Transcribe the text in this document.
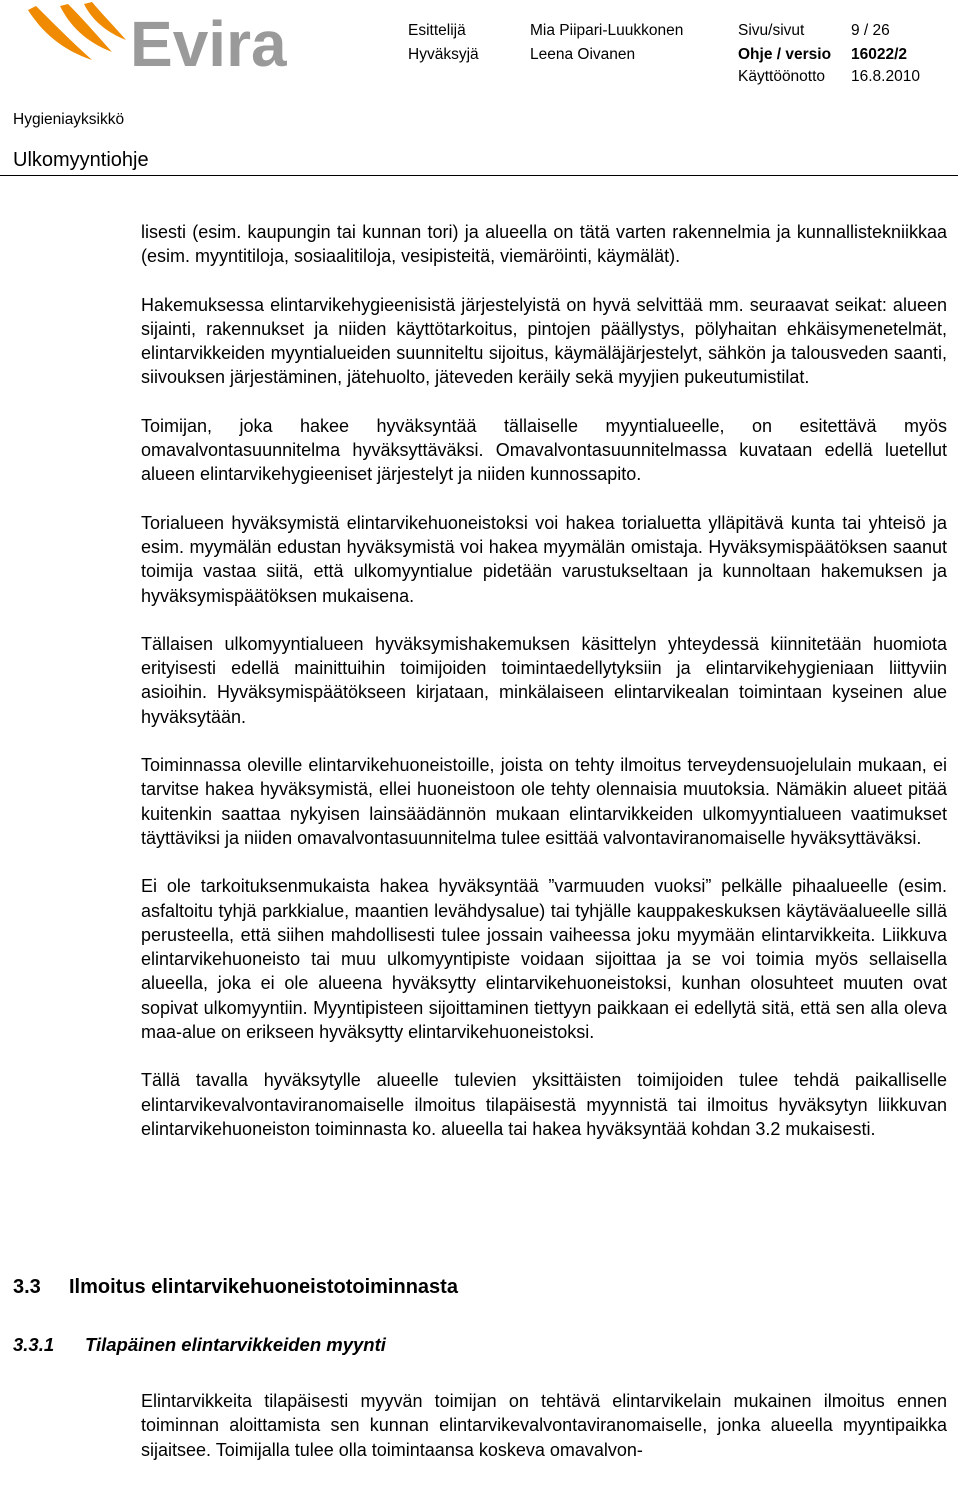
Evira	Esittelijä	Mia Piipari-Luukkonen	Sivu/sivut	9 / 26
Hyväksyjä	Leena Oivanen	Ohje / versio 16022/2
Käyttöönotto 16.8.2010
Hygieniayksikkö
Ulkomyyntiohje

lisesti (esim. kaupungin tai kunnan tori) ja alueella on tätä varten rakennelmia ja kunnallistekniikkaa (esim. myyntitiloja, sosiaalitiloja, vesipisteitä, viemäröinti, käymälät).

Hakemuksessa elintarvikehygieenisistä järjestelyistä on hyvä selvittää mm. seuraavat seikat: alueen sijainti, rakennukset ja niiden käyttötarkoitus, pintojen päällystys, pölyhaitan ehkäisymenetelmät, elintarvikkeiden myyntialueiden suunniteltu sijoitus, käymäläjärjestelyt, sähkön ja talousveden saanti, siivouksen järjestäminen, jätehuolto, jäteveden keräily sekä myyjien pukeutumistilat.

Toimijan, joka hakee hyväksyntää tällaiselle myyntialueelle, on esitettävä myös omavalvontasuunnitelma hyväksyttäväksi. Omavalvontasuunnitelmassa kuvataan edellä luetellut alueen elintarvikehygieeniset järjestelyt ja niiden kunnossapito.

Torialueen hyväksymistä elintarvikehuoneistoksi voi hakea torialuetta ylläpitävä kunta tai yhteisö ja esim. myymälän edustan hyväksymistä voi hakea myymälän omistaja. Hyväksymispäätöksen saanut toimija vastaa siitä, että ulkomyyntialue pidetään varustukseltaan ja kunnoltaan hakemuksen ja hyväksymispäätöksen mukaisena.

Tällaisen ulkomyyntialueen hyväksymishakemuksen käsittelyn yhteydessä kiinnitetään huomiota erityisesti edellä mainittuihin toimijoiden toimintaedellytyksiin ja elintarvikehygieniaan liittyviin asioihin. Hyväksymispäätökseen kirjataan, minkälaiseen elintarvikealan toimintaan kyseinen alue hyväksytään.

Toiminnassa oleville elintarvikehuoneistoille, joista on tehty ilmoitus terveydensuojelulain mukaan, ei tarvitse hakea hyväksymistä, ellei huoneistoon ole tehty olennaisia muutoksia. Nämäkin alueet pitää kuitenkin saattaa nykyisen lainsäädännön mukaan elintarvikkeiden ulkomyyntialueen vaatimukset täyttäviksi ja niiden omavalvontasuunnitelma tulee esittää valvontaviranomaiselle hyväksyttäväksi.

Ei ole tarkoituksenmukaista hakea hyväksyntää ”varmuuden vuoksi” pelkälle pihaalueelle (esim. asfaltoitu tyhjä parkkialue, maantien levähdysalue) tai tyhjälle kauppakeskuksen käytäväalueelle sillä perusteella, että siihen mahdollisesti tulee jossain vaiheessa joku myymään elintarvikkeita. Liikkuva elintarvikehuoneisto tai muu ulkomyyntipiste voidaan sijoittaa ja se voi toimia myös sellaisella alueella, joka ei ole alueena hyväksytty elintarvikehuoneistoksi, kunhan olosuhteet muuten ovat sopivat ulkomyyntiin. Myyntipisteen sijoittaminen tiettyyn paikkaan ei edellytä sitä, että sen alla oleva maa-alue on erikseen hyväksytty elintarvikehuoneistoksi.

Tällä tavalla hyväksytylle alueelle tulevien yksittäisten toimijoiden tulee tehdä paikalliselle elintarvikevalvontaviranomaiselle ilmoitus tilapäisestä myynnistä tai ilmoitus hyväksytyn liikkuvan elintarvikehuoneiston toiminnasta ko. alueella tai hakea hyväksyntää kohdan 3.2 mukaisesti.

3.3 Ilmoitus elintarvikehuoneistotoiminnasta
3.3.1 Tilapäinen elintarvikkeiden myynti

Elintarvikkeita tilapäisesti myyvän toimijan on tehtävä elintarvikelain mukainen ilmoitus ennen toiminnan aloittamista sen kunnan elintarvikevalvontaviranomaiselle, jonka alueella myyntipaikka sijaitsee. Toimijalla tulee olla toimintaansa koskeva omavalvon-
